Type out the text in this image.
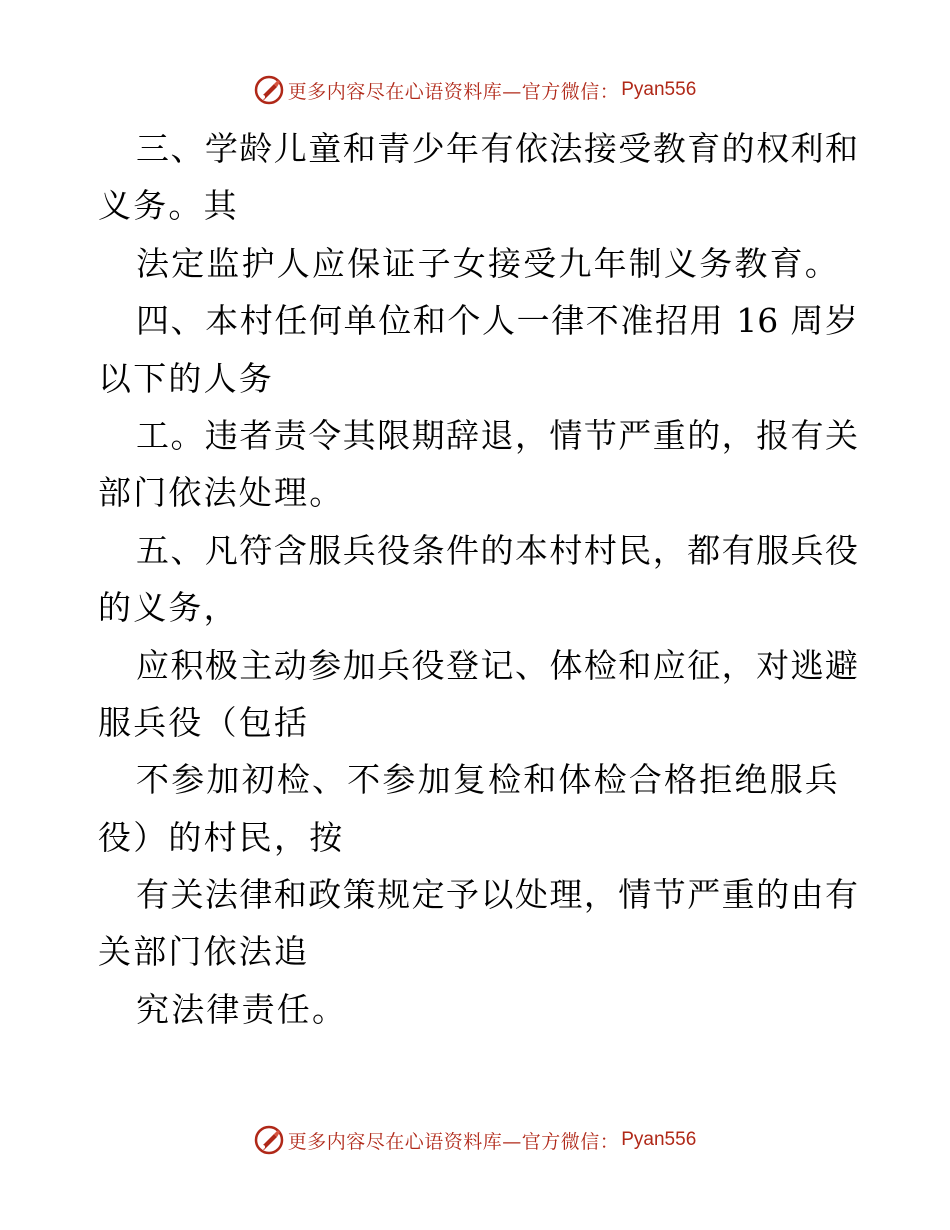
更多内容尽在心语资料库—官方微信： Pyan556
三、学龄儿童和青少年有依法接受教育的权利和
义务。其
法定监护人应保证子女接受九年制义务教育。
四、本村任何单位和个人一律不准招用 16 周岁
以下的人务
工。违者责令其限期辞退，情节严重的，报有关
部门依法处理。
五、凡符含服兵役条件的本村村民，都有服兵役
的义务，
应积极主动参加兵役登记、体检和应征，对逃避
服兵役（包括
不参加初检、不参加复检和体检合格拒绝服兵
役）的村民，按
有关法律和政策规定予以处理，情节严重的由有
关部门依法追
究法律责任。
更多内容尽在心语资料库—官方微信： Pyan556
